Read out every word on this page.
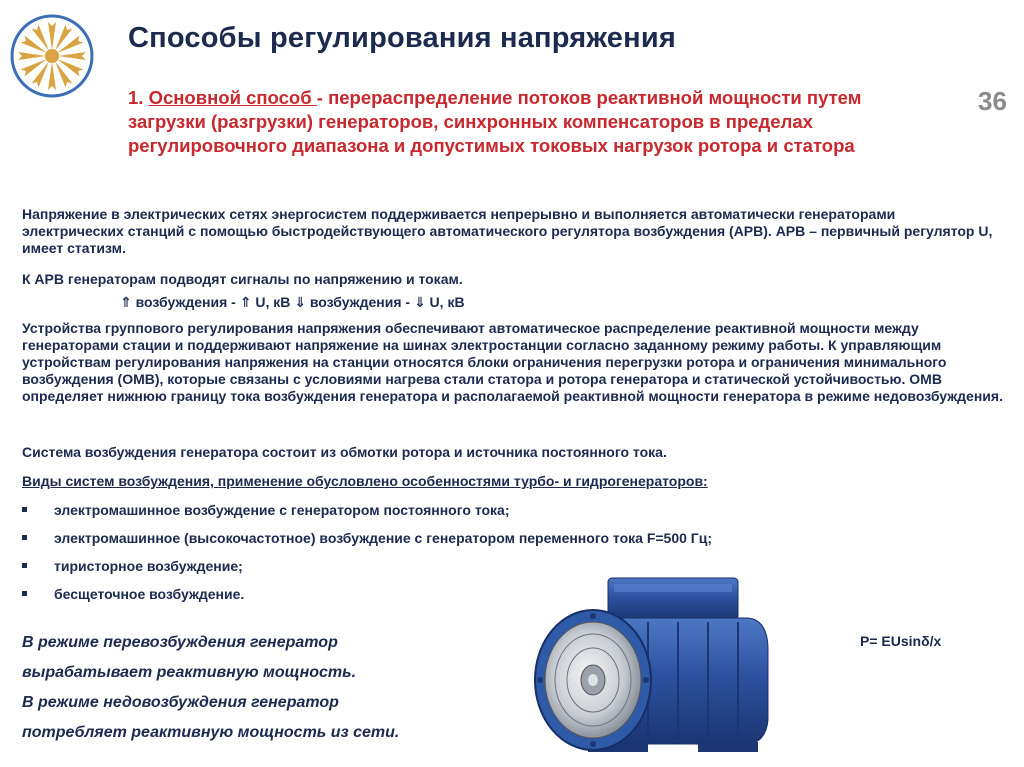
Способы регулирования напряжения
36
1. Основной способ - перераспределение потоков реактивной мощности путем загрузки (разгрузки) генераторов, синхронных компенсаторов в пределах регулировочного диапазона и допустимых токовых нагрузок ротора и статора
Напряжение в электрических сетях энергосистем поддерживается непрерывно и выполняется автоматически генераторами электрических станций с помощью быстродействующего автоматического регулятора возбуждения (АРВ). АРВ – первичный регулятор U, имеет статизм.
К АРВ генераторам подводят сигналы по напряжению и токам.
⇑ возбуждения - ⇑ U, кВ ⇓ возбуждения - ⇓ U, кВ
Устройства группового регулирования напряжения обеспечивают автоматическое распределение реактивной мощности между генераторами стации и поддерживают напряжение на шинах электростанции согласно заданному режиму работы. К управляющим устройствам регулирования напряжения на станции относятся блоки ограничения перегрузки ротора и ограничения минимального возбуждения (ОМВ), которые связаны с условиями нагрева стали статора и ротора генератора и статической устойчивостью. ОМВ определяет нижнюю границу тока возбуждения генератора и располагаемой реактивной мощности генератора в режиме недовозбуждения.
Система возбуждения генератора состоит из обмотки ротора и источника постоянного тока.
Виды систем возбуждения, применение обусловлено особенностями турбо- и гидрогенераторов:
электромашинное возбуждение с генератором постоянного тока;
электромашинное (высокочастотное) возбуждение с генератором переменного тока F=500 Гц;
тиристорное возбуждение;
бесщеточное возбуждение.
В режиме перевозбуждения генератор
вырабатывает реактивную мощность.
В режиме недовозбуждения генератор
потребляет реактивную мощность из сети.
P= EUsinδ/x
